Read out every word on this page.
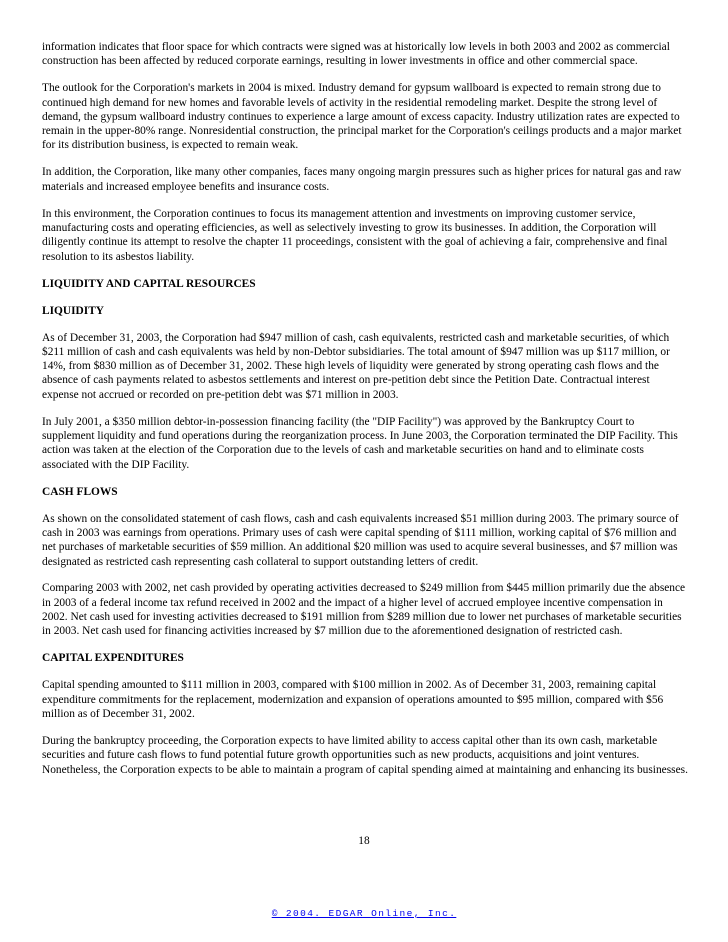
information indicates that floor space for which contracts were signed was at historically low levels in both 2003 and 2002 as commercial construction has been affected by reduced corporate earnings, resulting in lower investments in office and other commercial space.

The outlook for the Corporation's markets in 2004 is mixed. Industry demand for gypsum wallboard is expected to remain strong due to continued high demand for new homes and favorable levels of activity in the residential remodeling market. Despite the strong level of demand, the gypsum wallboard industry continues to experience a large amount of excess capacity. Industry utilization rates are expected to remain in the upper-80% range. Nonresidential construction, the principal market for the Corporation's ceilings products and a major market for its distribution business, is expected to remain weak.

In addition, the Corporation, like many other companies, faces many ongoing margin pressures such as higher prices for natural gas and raw materials and increased employee benefits and insurance costs.

In this environment, the Corporation continues to focus its management attention and investments on improving customer service, manufacturing costs and operating efficiencies, as well as selectively investing to grow its businesses. In addition, the Corporation will diligently continue its attempt to resolve the chapter 11 proceedings, consistent with the goal of achieving a fair, comprehensive and final resolution to its asbestos liability.

LIQUIDITY AND CAPITAL RESOURCES
LIQUIDITY

As of December 31, 2003, the Corporation had $947 million of cash, cash equivalents, restricted cash and marketable securities, of which $211 million of cash and cash equivalents was held by non-Debtor subsidiaries. The total amount of $947 million was up $117 million, or 14%, from $830 million as of December 31, 2002. These high levels of liquidity were generated by strong operating cash flows and the absence of cash payments related to asbestos settlements and interest on pre-petition debt since the Petition Date. Contractual interest expense not accrued or recorded on pre-petition debt was $71 million in 2003.

In July 2001, a $350 million debtor-in-possession financing facility (the "DIP Facility") was approved by the Bankruptcy Court to supplement liquidity and fund operations during the reorganization process. In June 2003, the Corporation terminated the DIP Facility. This action was taken at the election of the Corporation due to the levels of cash and marketable securities on hand and to eliminate costs associated with the DIP Facility.

CASH FLOWS

As shown on the consolidated statement of cash flows, cash and cash equivalents increased $51 million during 2003. The primary source of cash in 2003 was earnings from operations. Primary uses of cash were capital spending of $111 million, working capital of $76 million and net purchases of marketable securities of $59 million. An additional $20 million was used to acquire several businesses, and $7 million was designated as restricted cash representing cash collateral to support outstanding letters of credit.

Comparing 2003 with 2002, net cash provided by operating activities decreased to $249 million from $445 million primarily due the absence in 2003 of a federal income tax refund received in 2002 and the impact of a higher level of accrued employee incentive compensation in 2002. Net cash used for investing activities decreased to $191 million from $289 million due to lower net purchases of marketable securities in 2003. Net cash used for financing activities increased by $7 million due to the aforementioned designation of restricted cash.

CAPITAL EXPENDITURES

Capital spending amounted to $111 million in 2003, compared with $100 million in 2002. As of December 31, 2003, remaining capital expenditure commitments for the replacement, modernization and expansion of operations amounted to $95 million, compared with $56 million as of December 31, 2002.

During the bankruptcy proceeding, the Corporation expects to have limited ability to access capital other than its own cash, marketable securities and future cash flows to fund potential future growth opportunities such as new products, acquisitions and joint ventures. Nonetheless, the Corporation expects to be able to maintain a program of capital spending aimed at maintaining and enhancing its businesses.

18
© 2004. EDGAR Online, Inc.
